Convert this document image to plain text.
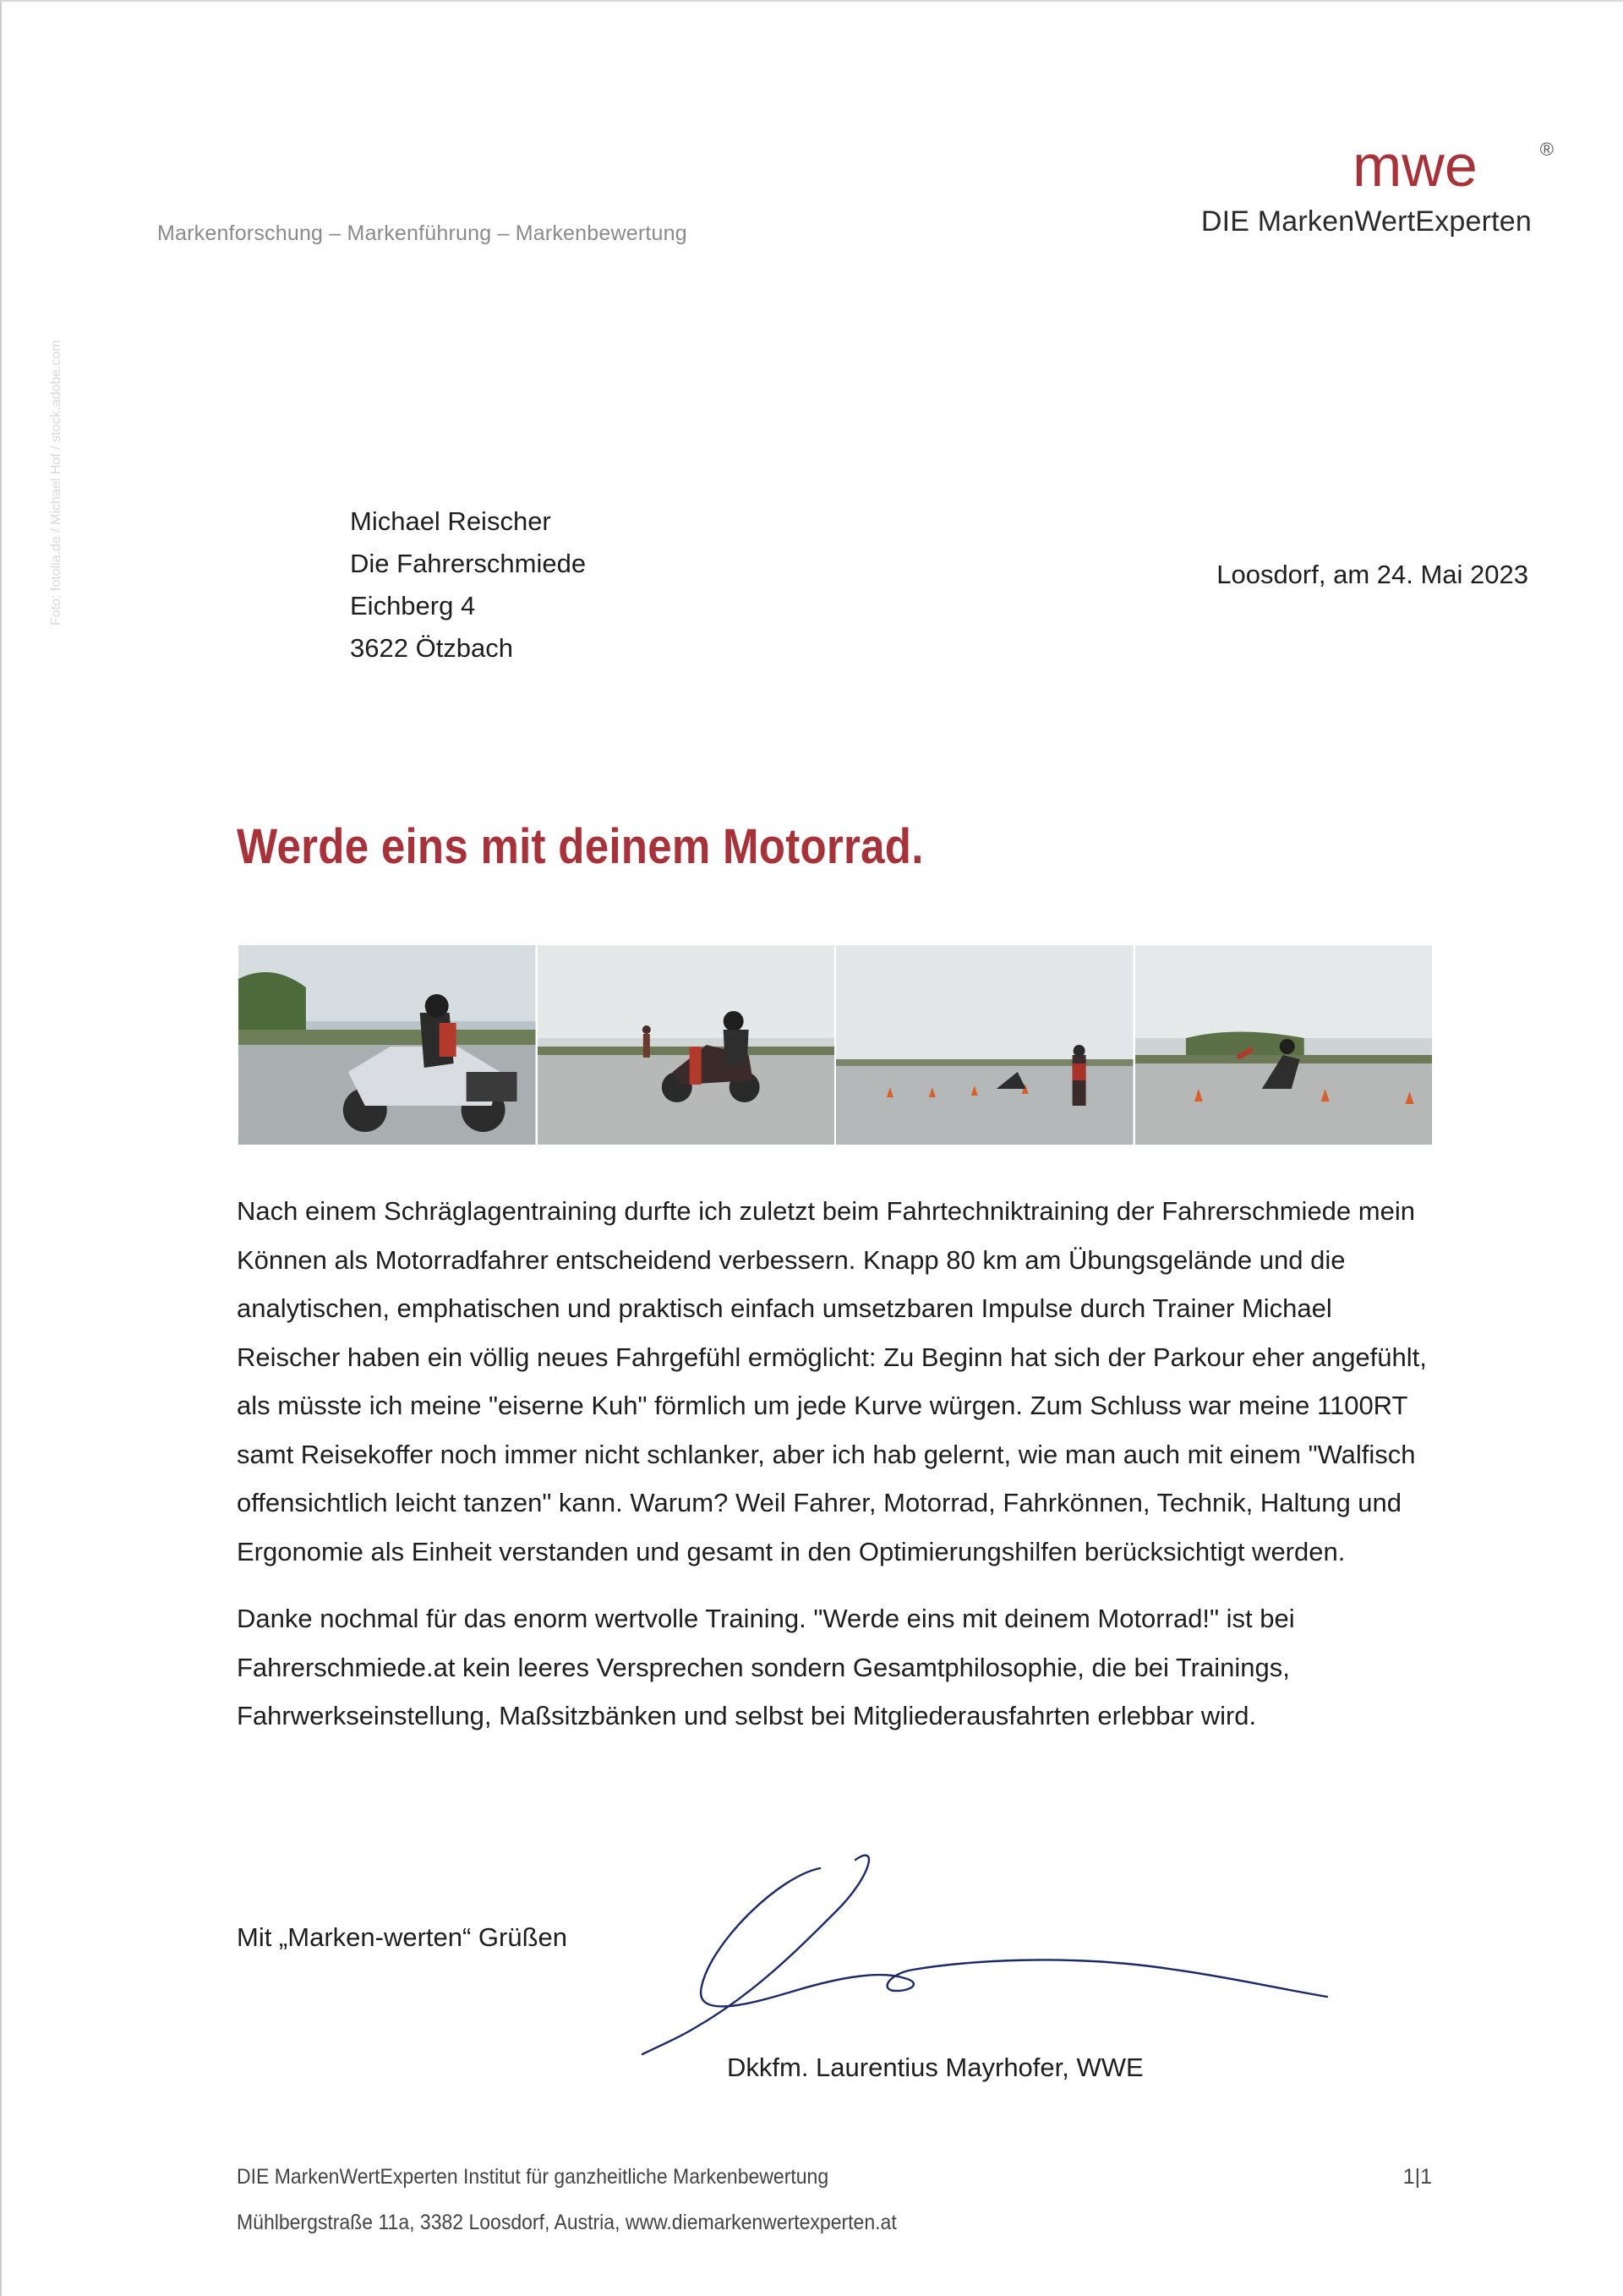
Markenforschung – Markenführung – Markenbewertung
mwe	®
DIE MarkenWertExperten
Foto: fotolia.de / Michael Hof / stock.adobe.com	Michael Reischer
Die Fahrerschmiede
Eichberg 4
3622 Ötzbach
Loosdorf, am 24. Mai 2023
Werde eins mit deinem Motorrad.

Nach einem Schräglagentraining durfte ich zuletzt beim Fahrtechniktraining der Fahrerschmiede mein Können als Motorradfahrer entscheidend verbessern. Knapp 80 km am Übungsgelände und die analytischen, emphatischen und praktisch einfach umsetzbaren Impulse durch Trainer Michael Reischer haben ein völlig neues Fahrgefühl ermöglicht: Zu Beginn hat sich der Parkour eher angefühlt, als müsste ich meine "eiserne Kuh" förmlich um jede Kurve würgen. Zum Schluss war meine 1100RT samt Reisekoffer noch immer nicht schlanker, aber ich hab gelernt, wie man auch mit einem "Walfisch offensichtlich leicht tanzen" kann. Warum? Weil Fahrer, Motorrad, Fahrkönnen, Technik, Haltung und Ergonomie als Einheit verstanden und gesamt in den Optimierungshilfen berücksichtigt werden.

Danke nochmal für das enorm wertvolle Training. "Werde eins mit deinem Motorrad!" ist bei Fahrerschmiede.at kein leeres Versprechen sondern Gesamtphilosophie, die bei Trainings, Fahrwerkseinstellung, Maßsitzbänken und selbst bei Mitgliederausfahrten erlebbar wird.

Mit „Marken-werten“ Grüßen
Dkkfm. Laurentius Mayrhofer, WWE
DIE MarkenWertExperten Institut für ganzheitliche Markenbewertung
Mühlbergstraße 11a, 3382 Loosdorf, Austria, www.diemarkenwertexperten.at
1|1
